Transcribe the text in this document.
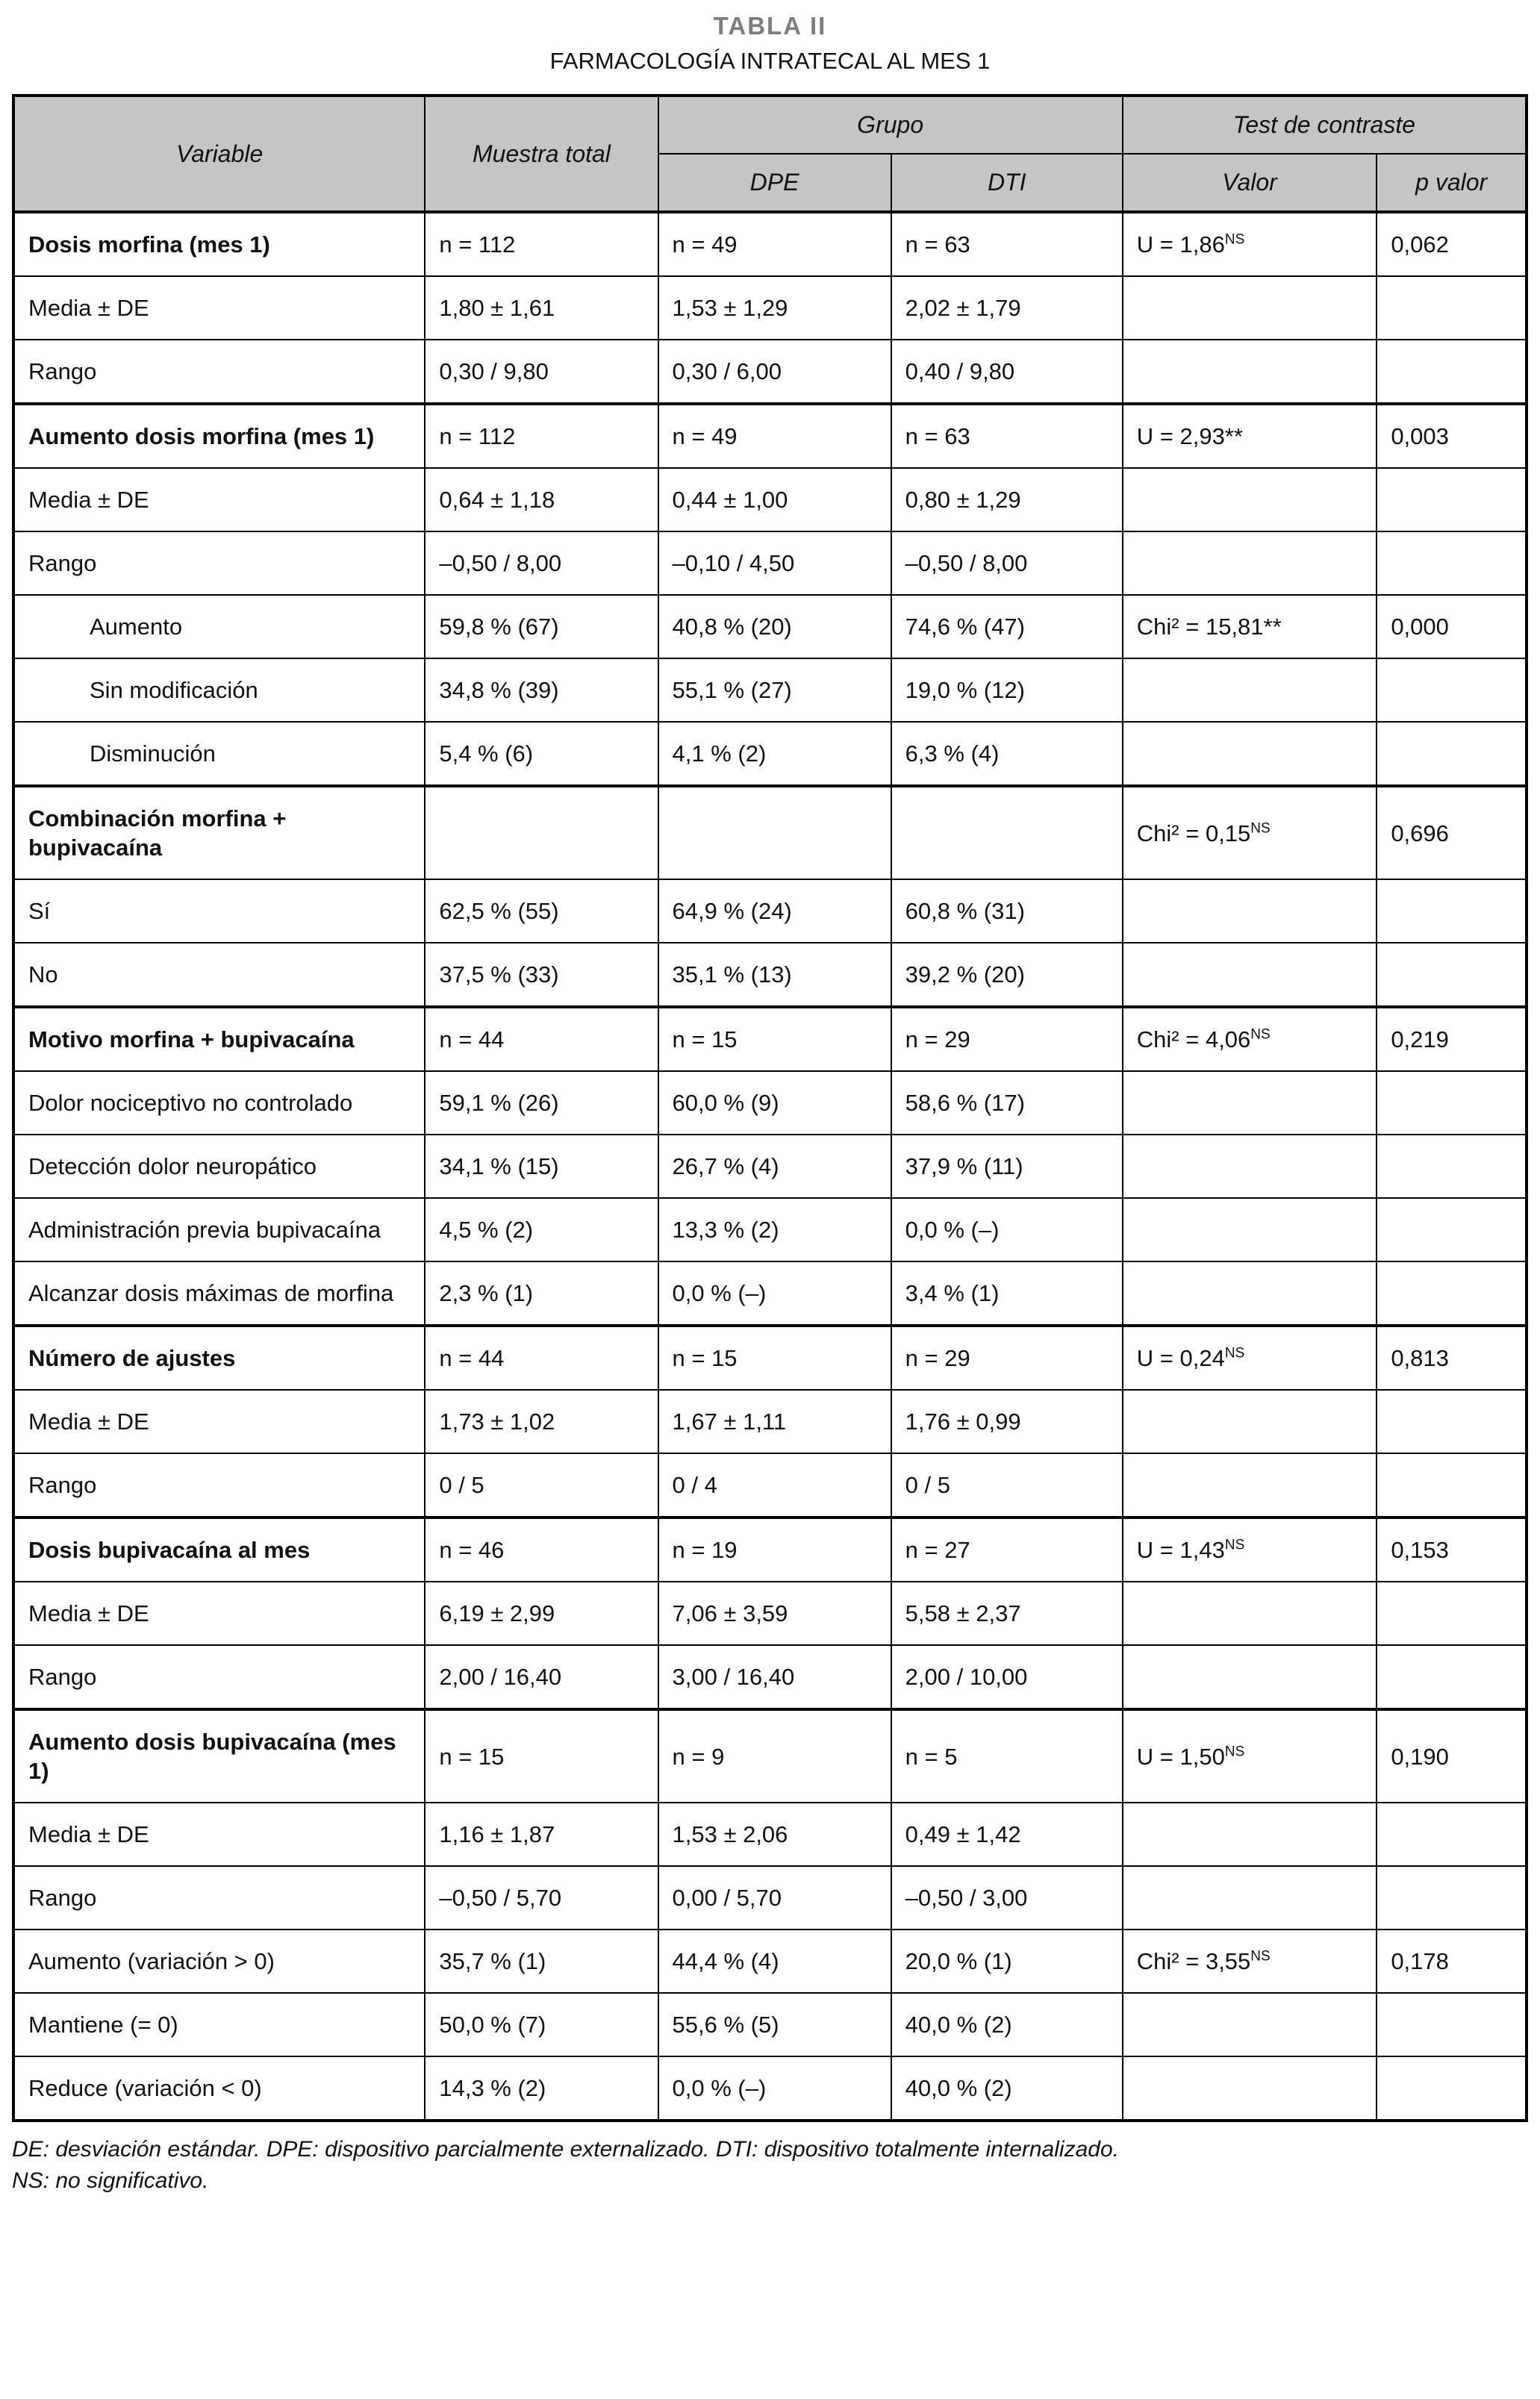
TABLA II
FARMACOLOGÍA INTRATECAL AL MES 1
Variable	Muestra total	Grupo		Test de contraste	
		DPE	DTI	Valor	p valor
Dosis morfina (mes 1)	n = 112	n = 49	n = 63	$U = 1,86^{NS}$	0,062
Media ± DE	1,80 ± 1,61	1,53 ± 1,29	2,02 ± 1,79		
Rango	0,30 / 9,80	0,30 / 6,00	0,40 / 9,80		
Aumento dosis morfina (mes 1)	n = 112	n = 49	n = 63	U = 2,93**	0,003
Media ± DE	0,64 ± 1,18	0,44 ± 1,00	0,80 ± 1,29		
Rango	–0,50 / 8,00	–0,10 / 4,50	–0,50 / 8,00		
Aumento	59,8 % (67)	40,8 % (20)	74,6 % (47)	Chi² = 15,81**	0,000
Sin modificación	34,8 % (39)	55,1 % (27)	19,0 % (12)		
Disminución	5,4 % (6)	4,1 % (2)	6,3 % (4)		
Combinación morfina + bupivacaína				$Chi^2 = 0,15^{NS}$	0,696
Sí	62,5 % (55)	64,9 % (24)	60,8 % (31)		
No	37,5 % (33)	35,1 % (13)	39,2 % (20)		
Motivo morfina + bupivacaína	n = 44	n = 15	n = 29	$Chi^2 = 4,06^{NS}$	0,219
Dolor nociceptivo no controlado	59,1 % (26)	60,0 % (9)	58,6 % (17)		
Detección dolor neuropático	34,1 % (15)	26,7 % (4)	37,9 % (11)		
Administración previa bupivacaína	4,5 % (2)	13,3 % (2)	0,0 % (–)		
Alcanzar dosis máximas de morfina	2,3 % (1)	0,0 % (–)	3,4 % (1)		
Número de ajustes	n = 44	n = 15	n = 29	$U = 0,24^{NS}$	0,813
Media ± DE	1,73 ± 1,02	1,67 ± 1,11	1,76 ± 0,99		
Rango	0 / 5	0 / 4	0 / 5		
Dosis bupivacaína al mes	n = 46	n = 19	n = 27	$U = 1,43^{NS}$	0,153
Media ± DE	6,19 ± 2,99	7,06 ± 3,59	5,58 ± 2,37		
Rango	2,00 / 16,40	3,00 / 16,40	2,00 / 10,00		
Aumento dosis bupivacaína (mes 1)	n = 15	n = 9	n = 5	$U = 1,50^{NS}$	0,190
Media ± DE	1,16 ± 1,87	1,53 ± 2,06	0,49 ± 1,42		
Rango	–0,50 / 5,70	0,00 / 5,70	–0,50 / 3,00		
Aumento (variación > 0)	35,7 % (1)	44,4 % (4)	20,0 % (1)	$Chi^2 = 3,55^{NS}$	0,178
Mantiene (= 0)	50,0 % (7)	55,6 % (5)	40,0 % (2)		
Reduce (variación < 0)	14,3 % (2)	0,0 % (–)	40,0 % (2)		
DE: desviación estándar. DPE: dispositivo parcialmente externalizado. DTI: dispositivo totalmente internalizado.
NS: no significativo.
